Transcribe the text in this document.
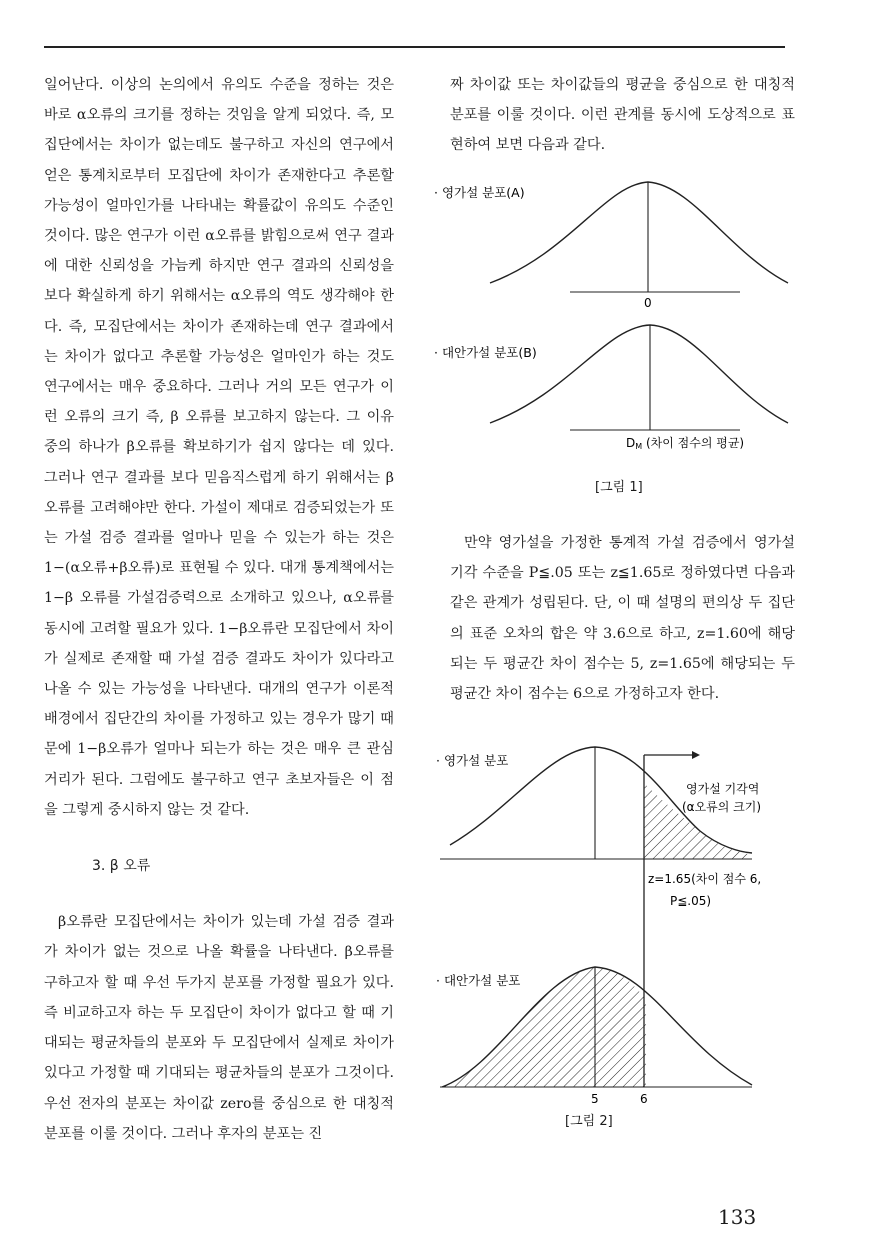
일어난다. 이상의 논의에서 유의도 수준을 정하는 것은 바로 α오류의 크기를 정하는 것임을 알게 되었다. 즉, 모집단에서는 차이가 없는데도 불구하고 자신의 연구에서 얻은 통계치로부터 모집단에 차이가 존재한다고 추론할 가능성이 얼마인가를 나타내는 확률값이 유의도 수준인 것이다. 많은 연구가 이런 α오류를 밝힘으로써 연구 결과에 대한 신뢰성을 가늠케 하지만 연구 결과의 신뢰성을 보다 확실하게 하기 위해서는 α오류의 역도 생각해야 한다. 즉, 모집단에서는 차이가 존재하는데 연구 결과에서는 차이가 없다고 추론할 가능성은 얼마인가 하는 것도 연구에서는 매우 중요하다. 그러나 거의 모든 연구가 이런 오류의 크기 즉, β 오류를 보고하지 않는다. 그 이유 중의 하나가 β오류를 확보하기가 쉽지 않다는 데 있다. 그러나 연구 결과를 보다 믿음직스럽게 하기 위해서는 β오류를 고려해야만 한다. 가설이 제대로 검증되었는가 또는 가설 검증 결과를 얼마나 믿을 수 있는가 하는 것은 1−(α오류+β오류)로 표현될 수 있다. 대개 통계책에서는 1−β 오류를 가설검증력으로 소개하고 있으나, α오류를 동시에 고려할 필요가 있다. 1−β오류란 모집단에서 차이가 실제로 존재할 때 가설 검증 결과도 차이가 있다라고 나올 수 있는 가능성을 나타낸다. 대개의 연구가 이론적 배경에서 집단간의 차이를 가정하고 있는 경우가 많기 때문에 1−β오류가 얼마나 되는가 하는 것은 매우 큰 관심거리가 된다. 그럼에도 불구하고 연구 초보자들은 이 점을 그렇게 중시하지 않는 것 같다.

3. β 오류

β오류란 모집단에서는 차이가 있는데 가설 검증 결과가 차이가 없는 것으로 나올 확률을 나타낸다. β오류를 구하고자 할 때 우선 두가지 분포를 가정할 필요가 있다. 즉 비교하고자 하는 두 모집단이 차이가 없다고 할 때 기대되는 평균차들의 분포와 두 모집단에서 실제로 차이가 있다고 가정할 때 기대되는 평균차들의 분포가 그것이다. 우선 전자의 분포는 차이값 zero를 중심으로 한 대칭적 분포를 이룰 것이다. 그러나 후자의 분포는 진

짜 차이값 또는 차이값들의 평균을 중심으로 한 대칭적 분포를 이룰 것이다. 이런 관계를 동시에 도상적으로 표현하여 보면 다음과 같다.

· 영가설 분포(A)
0
· 대안가설 분포(B)
DM (차이 점수의 평균)
[그림 1]

만약 영가설을 가정한 통계적 가설 검증에서 영가설 기각 수준을 P≦.05 또는 z≦1.65로 정하였다면 다음과 같은 관계가 성립된다. 단, 이 때 설명의 편의상 두 집단의 표준 오차의 합은 약 3.6으로 하고, z=1.60에 해당되는 두 평균간 차이 점수는 5, z=1.65에 해당되는 두 평균간 차이 점수는 6으로 가정하고자 한다.

· 영가설 분포
영가설 기각역
(α오류의 크기)
z=1.65(차이 점수 6,
P≦.05)
· 대안가설 분포
5	6
[그림 2]
133
